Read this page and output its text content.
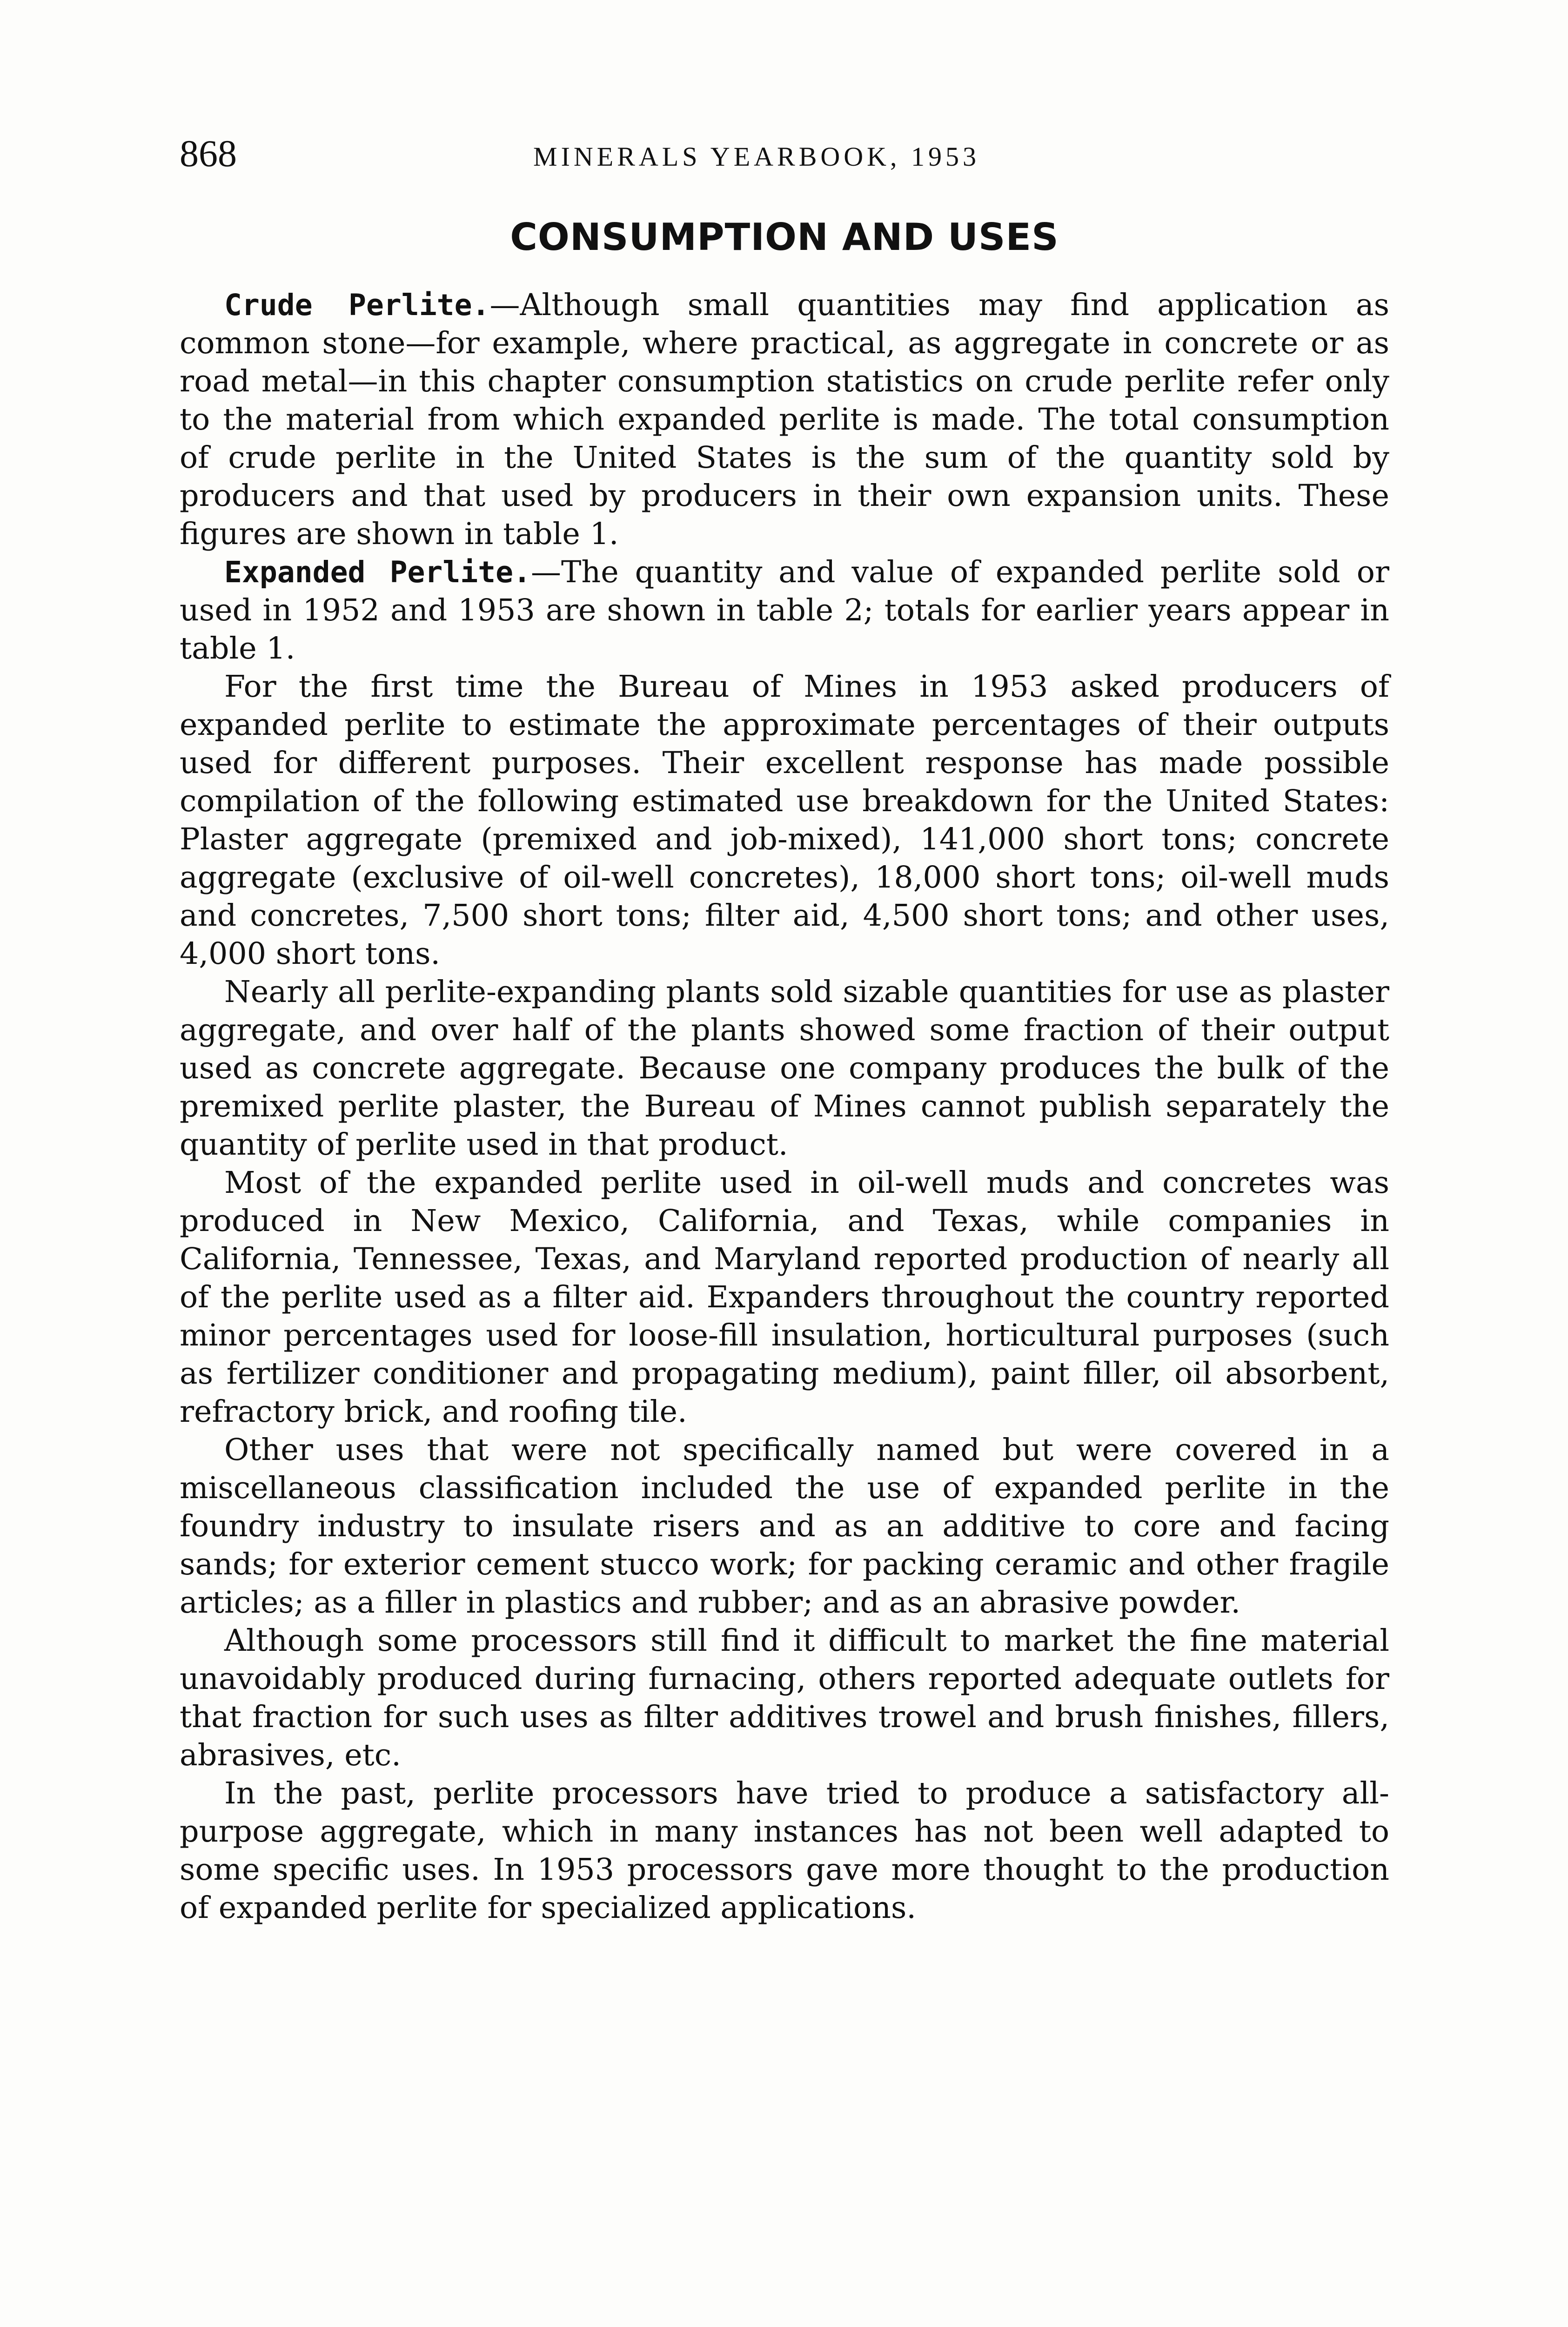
868	MINERALS YEARBOOK, 1953
CONSUMPTION AND USES

Crude Perlite.—Although small quantities may find application as common stone—for example, where practical, as aggregate in concrete or as road metal—in this chapter consumption statistics on crude perlite refer only to the material from which expanded perlite is made. The total consumption of crude perlite in the United States is the sum of the quantity sold by producers and that used by producers in their own expansion units. These figures are shown in table 1.

Expanded Perlite.—The quantity and value of expanded perlite sold or used in 1952 and 1953 are shown in table 2; totals for earlier years appear in table 1.

For the first time the Bureau of Mines in 1953 asked producers of expanded perlite to estimate the approximate percentages of their outputs used for different purposes. Their excellent response has made possible compilation of the following estimated use breakdown for the United States: Plaster aggregate (premixed and job-mixed), 141,000 short tons; concrete aggregate (exclusive of oil-well concretes), 18,000 short tons; oil-well muds and concretes, 7,500 short tons; filter aid, 4,500 short tons; and other uses, 4,000 short tons.

Nearly all perlite-expanding plants sold sizable quantities for use as plaster aggregate, and over half of the plants showed some fraction of their output used as concrete aggregate. Because one company produces the bulk of the premixed perlite plaster, the Bureau of Mines cannot publish separately the quantity of perlite used in that product.

Most of the expanded perlite used in oil-well muds and concretes was produced in New Mexico, California, and Texas, while companies in California, Tennessee, Texas, and Maryland reported production of nearly all of the perlite used as a filter aid. Expanders throughout the country reported minor percentages used for loose-fill insulation, horticultural purposes (such as fertilizer conditioner and propagating medium), paint filler, oil absorbent, refractory brick, and roofing tile.

Other uses that were not specifically named but were covered in a miscellaneous classification included the use of expanded perlite in the foundry industry to insulate risers and as an additive to core and facing sands; for exterior cement stucco work; for packing ceramic and other fragile articles; as a filler in plastics and rubber; and as an abrasive powder.

Although some processors still find it difficult to market the fine material unavoidably produced during furnacing, others reported adequate outlets for that fraction for such uses as filter additives trowel and brush finishes, fillers, abrasives, etc.

In the past, perlite processors have tried to produce a satisfactory all-purpose aggregate, which in many instances has not been well adapted to some specific uses. In 1953 processors gave more thought to the production of expanded perlite for specialized applications.
